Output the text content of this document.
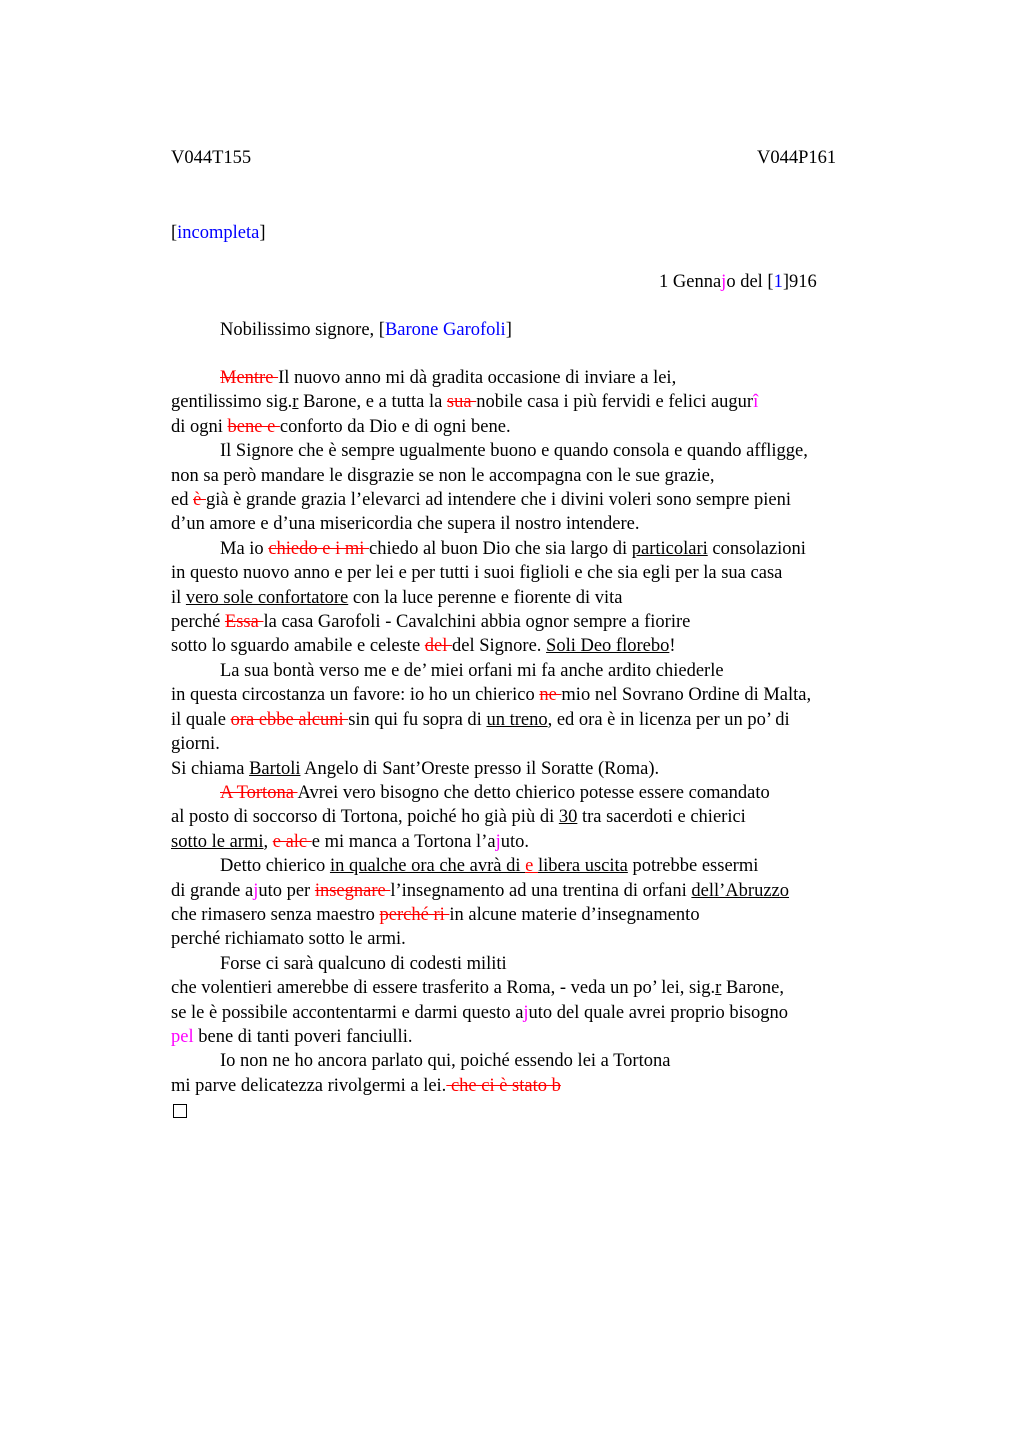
V044T155	V044P161
[incompleta]
1 Gennajo del [1]916
Nobilissimo signore, [Barone Garofoli]
Mentre Il nuovo anno mi dà gradita occasione di inviare a lei,
gentilissimo sig.r Barone, e a tutta la sua nobile casa i più fervidi e felici augurî
di ogni bene e conforto da Dio e di ogni bene.
Il Signore che è sempre ugualmente buono e quando consola e quando affligge,
non sa però mandare le disgrazie se non le accompagna con le sue grazie,
ed è già è grande grazia l’elevarci ad intendere che i divini voleri sono sempre pieni
d’un amore e d’una misericordia che supera il nostro intendere.
Ma io chiedo e i mi chiedo al buon Dio che sia largo di particolari consolazioni
in questo nuovo anno e per lei e per tutti i suoi figlioli e che sia egli per la sua casa
il vero sole confortatore con la luce perenne e fiorente di vita
perché Essa la casa Garofoli - Cavalchini abbia ognor sempre a fiorire
sotto lo sguardo amabile e celeste del del Signore. Soli Deo florebo!
La sua bontà verso me e de’ miei orfani mi fa anche ardito chiederle
in questa circostanza un favore: io ho un chierico ne mio nel Sovrano Ordine di Malta,
il quale ora ebbe alcuni sin qui fu sopra di un treno, ed ora è in licenza per un po’ di
giorni.
Si chiama Bartoli Angelo di Sant’Oreste presso il Soratte (Roma).
A Tortona Avrei vero bisogno che detto chierico potesse essere comandato
al posto di soccorso di Tortona, poiché ho già più di 30 tra sacerdoti e chierici
sotto le armi, e alc e mi manca a Tortona l’ajuto.
Detto chierico in qualche ora che avrà di e libera uscita potrebbe essermi
di grande ajuto per insegnare l’insegnamento ad una trentina di orfani dell’Abruzzo
che rimasero senza maestro perché ri in alcune materie d’insegnamento
perché richiamato sotto le armi.
Forse ci sarà qualcuno di codesti militi
che volentieri amerebbe di essere trasferito a Roma, - veda un po’ lei, sig.r Barone,
se le è possibile accontentarmi e darmi questo ajuto del quale avrei proprio bisogno
pel bene di tanti poveri fanciulli.
Io non ne ho ancora parlato qui, poiché essendo lei a Tortona
mi parve delicatezza rivolgermi a lei. che ci è stato b
